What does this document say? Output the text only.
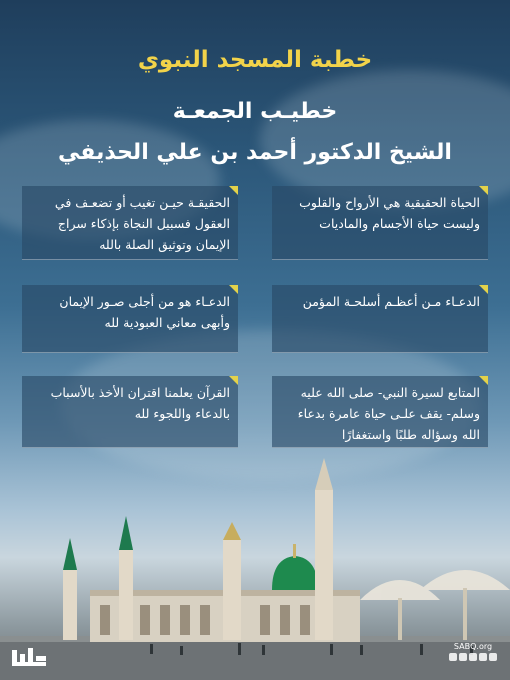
خطبة المسجد النبوي
خطيـب الجمعـة
الشيخ الدكتور أحمد بن علي الحذيفي
الحياة الحقيقية هي الأرواح والقلوب وليست حياة الأجسام والماديات
الحقيقـة حيـن تغيب أو تضعـف في العقول فسبيل النجاة بإذكاء سراج الإيمان وتوثيق الصلة بالله
الدعـاء مـن أعظـم أسلحـة المؤمن
الدعـاء هو من أجلى صـور الإيمان وأبهى معاني العبودية لله
المتابع لسيرة النبي- صلى الله عليه وسلم- يقف علـى حياة عامرة بدعاء الله وسؤاله طلبًا واستغفارًا
القرآن يعلمنا اقتران الأخذ بالأسباب بالدعاء واللجوء لله
SABQ.org
